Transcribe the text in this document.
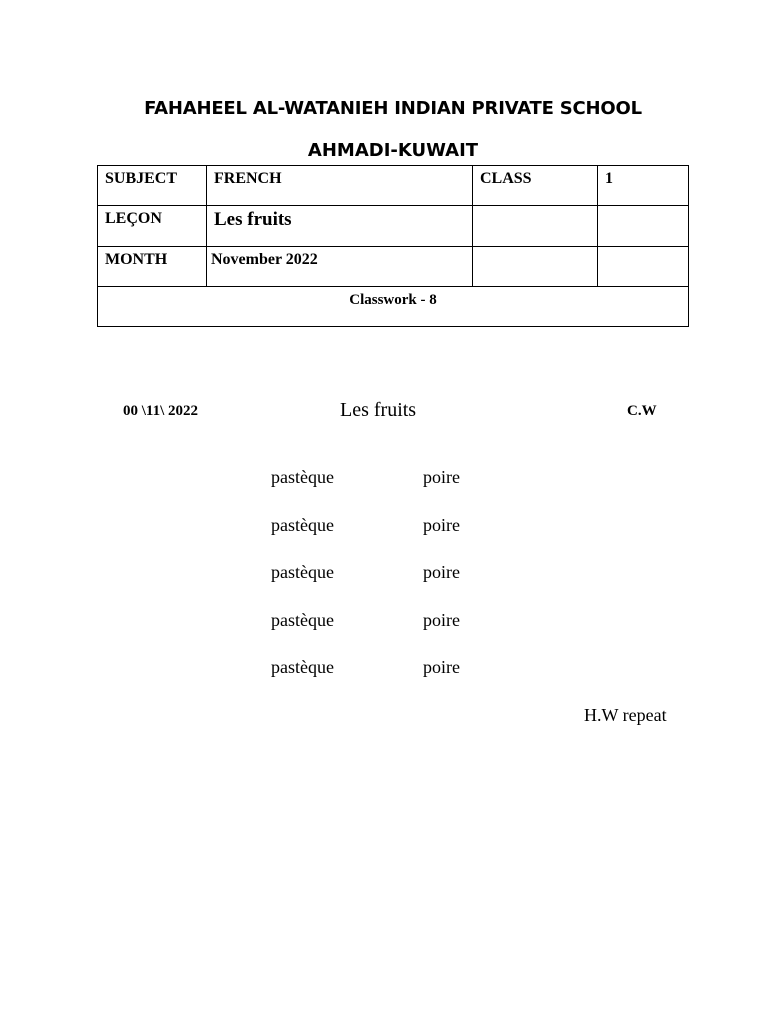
FAHAHEEL AL-WATANIEH INDIAN PRIVATE SCHOOL
AHMADI-KUWAIT
SUBJECT	FRENCH	CLASS	1
LEÇON	Les fruits		
MONTH	November 2022		
Classwork - 8			
00 \11\ 2022	Les fruits	C.W
pastèque	poire
pastèque	poire
pastèque	poire
pastèque	poire
pastèque	poire
H.W repeat
